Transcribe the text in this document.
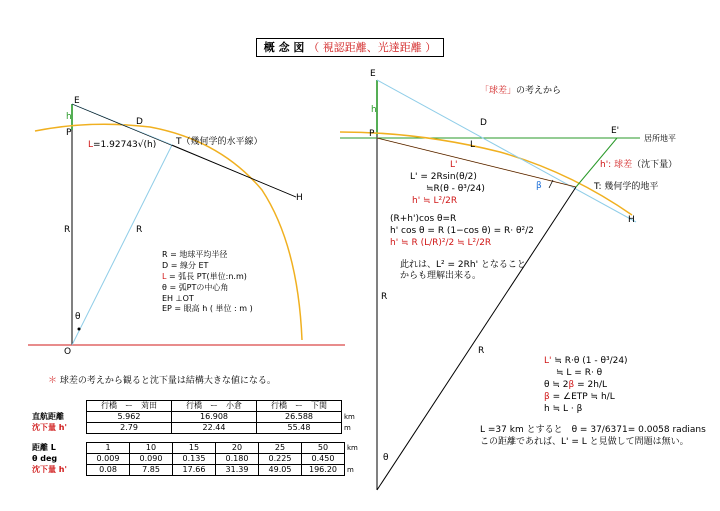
概 念 図 （ 視認距離、光達距離 ）
E
h
P
D
T（幾何学的水平線）
H
R	R
θ
O
L=1.92743√(h)
R = 地球平均半径
D = 線分 ET
L = 弧長 PT(単位:n.m)
θ = 弧PTの中心角
EH ⊥OT
EP = 眼高 h ( 単位 : m )
＊ 球差の考えから観ると沈下量は結構大きな値になる。
E
h
P
D
L
E'
L'
T: 幾何学的地平
H
R
R
θ
β
「球差」の考えから
居所地平
h': 球差（沈下量）
L' = 2Rsin(θ/2)
≒R(θ - θ³/24)
h' ≒ L²/2R
(R+h')cos θ=R
h' cos θ = R (1−cos θ) = R· θ²/2
h' ≒ R (L/R)²/2 ≒ L²/2R
此れは、L² = 2Rh' となること
からも理解出来る。
L' ≒ R·θ (1 - θ³/24)
≒ L = R· θ
θ ≒ 2β = 2h/L
β = ∠ETP ≒ h/L
h ≒ L · β
L =37 km とすると　θ = 37/6371= 0.0058 radians
この距離であれば、L' = L と見做して問題は無い。
	行橋　ー　苅田	行橋　ー　小倉	行橋　ー　下関	
直航距離	5.962	16.908	26.588	km
沈下量 h'	2.79	22.44	55.48	m
距離 L	1	10	15	20	25	50	km
θ deg	0.009	0.090	0.135	0.180	0.225	0.450	
沈下量 h'	0.08	7.85	17.66	31.39	49.05	196.20	m
